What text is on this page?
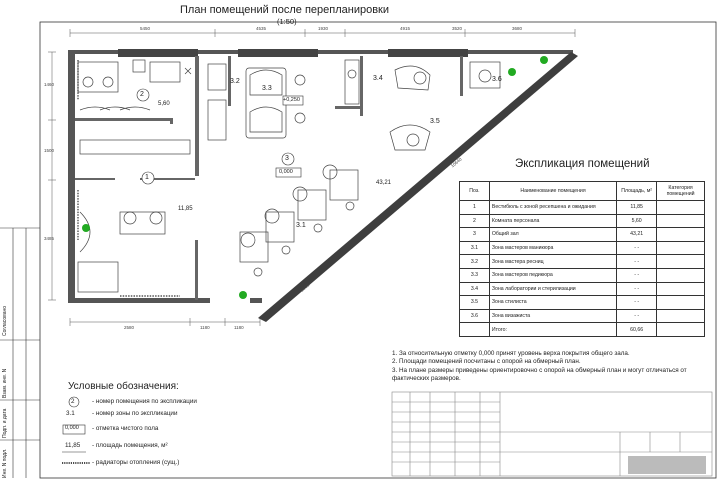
План помещений после перепланировки
(1:50)
5450	4535	1930	4915	3520	3680
1460
1500
3485
2580	1180	1180
10640
5095
2
5,60
1
11,85
3
0,000
43,21
+0,250
3.1
3.2
3.3
3.4
3.5
3.6
Экспликация помещений
Поз.	Наименование помещения	Площадь, м²	Категория помещений
1	Вестибюль с зоной ресепшена и ожидания	11,85	
2	Комната персонала	5,60	
3	Общий зал	43,21	
3.1	Зона мастеров маникюра	- -	
3.2	Зона мастера ресниц	- -	
3.3	Зона мастеров педикюра	- -	
3.4	Зона лаборатории и стерилизации	- -	
3.5	Зона стилиста	- -	
3.6	Зона визажиста	- -	
	Итого:	60,66	
1. За относительную отметку 0,000 принят уровень верха покрытия общего зала.
2. Площади помещений посчитаны с опорой на обмерный план.
3. На плане размеры приведены ориентировочно с опорой на обмерный план и могут отличаться от фактических размеров.
Условные обозначения:
2	- номер помещения по экспликации
3.1	- номер зоны по экспликации
0,000 - отметка чистого пола
11,85 - площадь помещения, м²
- радиаторы отопления (сущ.)
Согласовано
Взам. инв. N
Подп. и дата
Инв. N подл.
